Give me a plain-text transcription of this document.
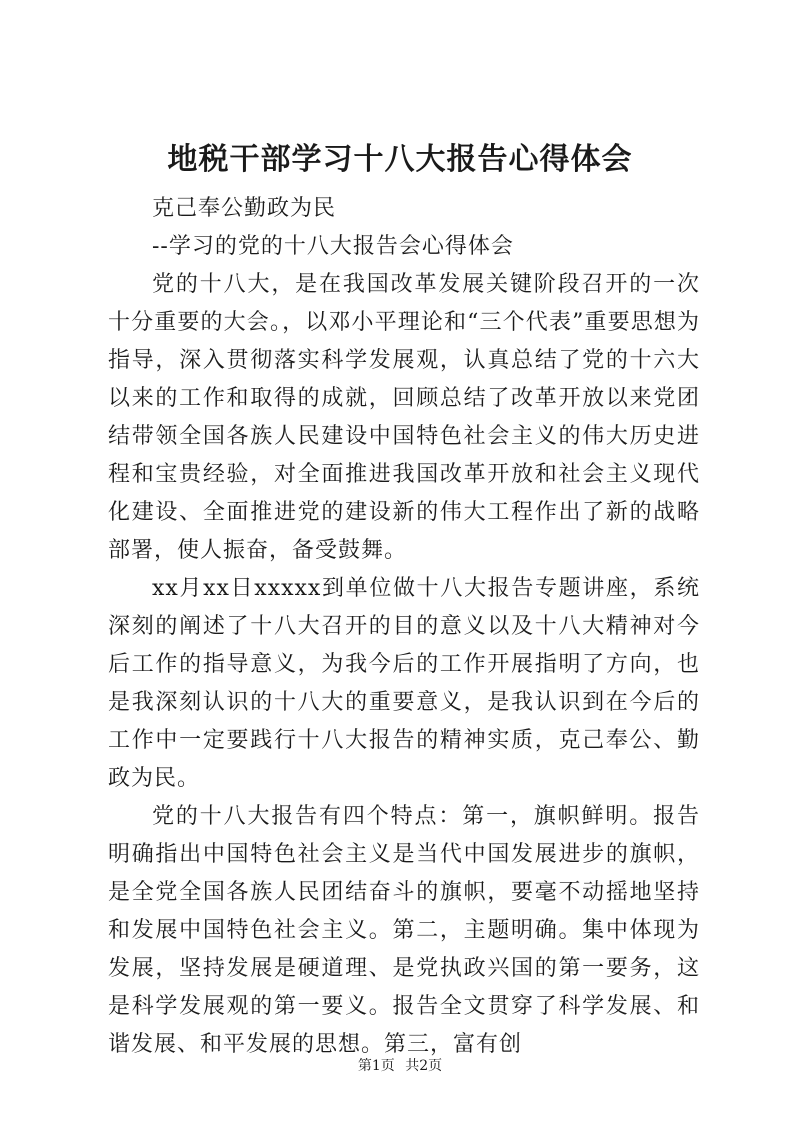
地税干部学习十八大报告心得体会

克己奉公勤政为民

--学习的党的十八大报告会心得体会

党的十八大，是在我国改革发展关键阶段召开的一次十分重要的大会。，以邓小平理论和“三个代表”重要思想为指导，深入贯彻落实科学发展观，认真总结了党的十六大以来的工作和取得的成就，回顾总结了改革开放以来党团结带领全国各族人民建设中国特色社会主义的伟大历史进程和宝贵经验，对全面推进我国改革开放和社会主义现代化建设、全面推进党的建设新的伟大工程作出了新的战略部署，使人振奋，备受鼓舞。

xx月xx日xxxxx到单位做十八大报告专题讲座，系统深刻的阐述了十八大召开的目的意义以及十八大精神对今后工作的指导意义，为我今后的工作开展指明了方向，也是我深刻认识的十八大的重要意义，是我认识到在今后的工作中一定要践行十八大报告的精神实质，克己奉公、勤政为民。

党的十八大报告有四个特点：第一，旗帜鲜明。报告明确指出中国特色社会主义是当代中国发展进步的旗帜，是全党全国各族人民团结奋斗的旗帜，要毫不动摇地坚持和发展中国特色社会主义。第二，主题明确。集中体现为发展，坚持发展是硬道理、是党执政兴国的第一要务，这是科学发展观的第一要义。报告全文贯穿了科学发展、和谐发展、和平发展的思想。第三，富有创

第1页 共2页
